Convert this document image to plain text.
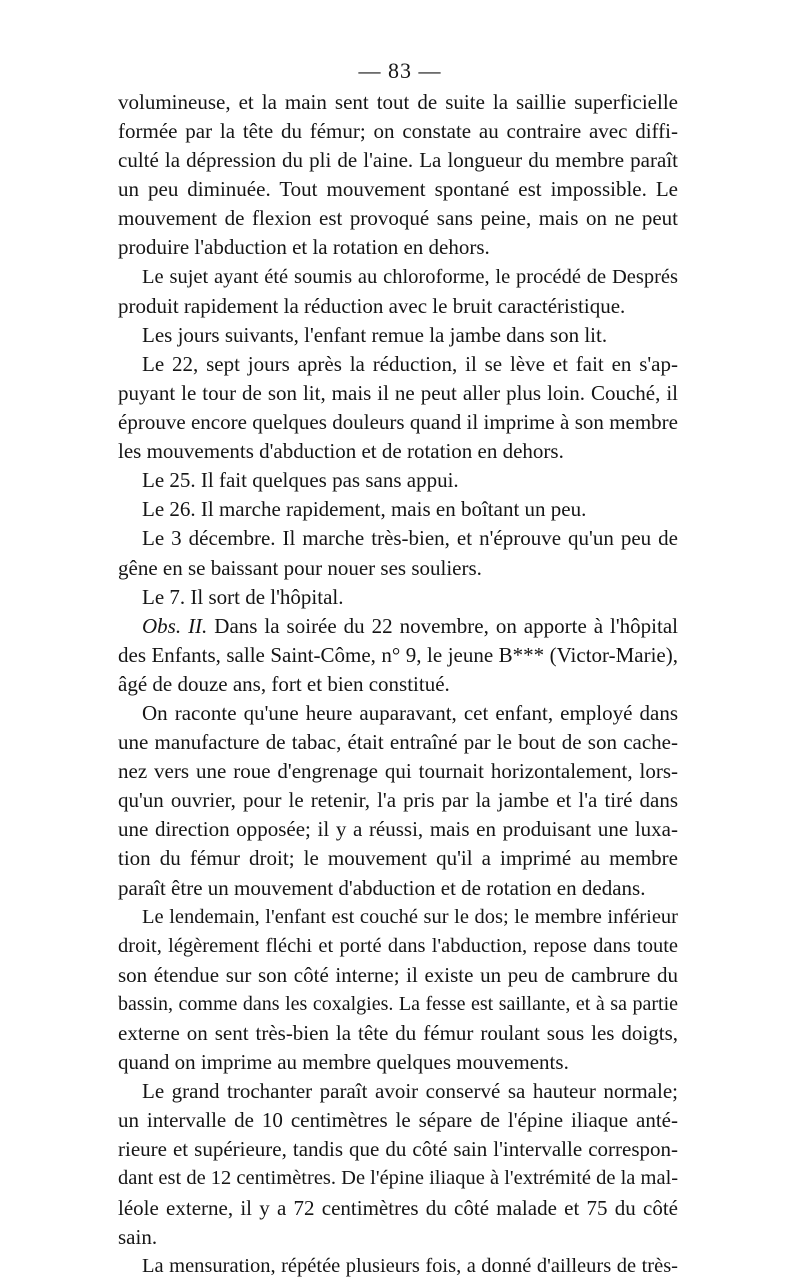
— 83 —
volumineuse, et la main sent tout de suite la saillie superficielle
formée par la tête du fémur; on constate au contraire avec diffi-
culté la dépression du pli de l'aine. La longueur du membre paraît
un peu diminuée. Tout mouvement spontané est impossible. Le
mouvement de flexion est provoqué sans peine, mais on ne peut
produire l'abduction et la rotation en dehors.
Le sujet ayant été soumis au chloroforme, le procédé de Després
produit rapidement la réduction avec le bruit caractéristique.
Les jours suivants, l'enfant remue la jambe dans son lit.
Le 22, sept jours après la réduction, il se lève et fait en s'ap-
puyant le tour de son lit, mais il ne peut aller plus loin. Couché, il
éprouve encore quelques douleurs quand il imprime à son membre
les mouvements d'abduction et de rotation en dehors.
Le 25. Il fait quelques pas sans appui.
Le 26. Il marche rapidement, mais en boîtant un peu.
Le 3 décembre. Il marche très-bien, et n'éprouve qu'un peu de
gêne en se baissant pour nouer ses souliers.
Le 7. Il sort de l'hôpital.
Obs. II. Dans la soirée du 22 novembre, on apporte à l'hôpital
des Enfants, salle Saint-Côme, n° 9, le jeune B*** (Victor-Marie),
âgé de douze ans, fort et bien constitué.
On raconte qu'une heure auparavant, cet enfant, employé dans
une manufacture de tabac, était entraîné par le bout de son cache-
nez vers une roue d'engrenage qui tournait horizontalement, lors-
qu'un ouvrier, pour le retenir, l'a pris par la jambe et l'a tiré dans
une direction opposée; il y a réussi, mais en produisant une luxa-
tion du fémur droit; le mouvement qu'il a imprimé au membre
paraît être un mouvement d'abduction et de rotation en dedans.
Le lendemain, l'enfant est couché sur le dos; le membre inférieur
droit, légèrement fléchi et porté dans l'abduction, repose dans toute
son étendue sur son côté interne; il existe un peu de cambrure du
bassin, comme dans les coxalgies. La fesse est saillante, et à sa partie
externe on sent très-bien la tête du fémur roulant sous les doigts,
quand on imprime au membre quelques mouvements.
Le grand trochanter paraît avoir conservé sa hauteur normale;
un intervalle de 10 centimètres le sépare de l'épine iliaque anté-
rieure et supérieure, tandis que du côté sain l'intervalle correspon-
dant est de 12 centimètres. De l'épine iliaque à l'extrémité de la mal-
léole externe, il y a 72 centimètres du côté malade et 75 du côté
sain.
La mensuration, répétée plusieurs fois, a donné d'ailleurs de très-
